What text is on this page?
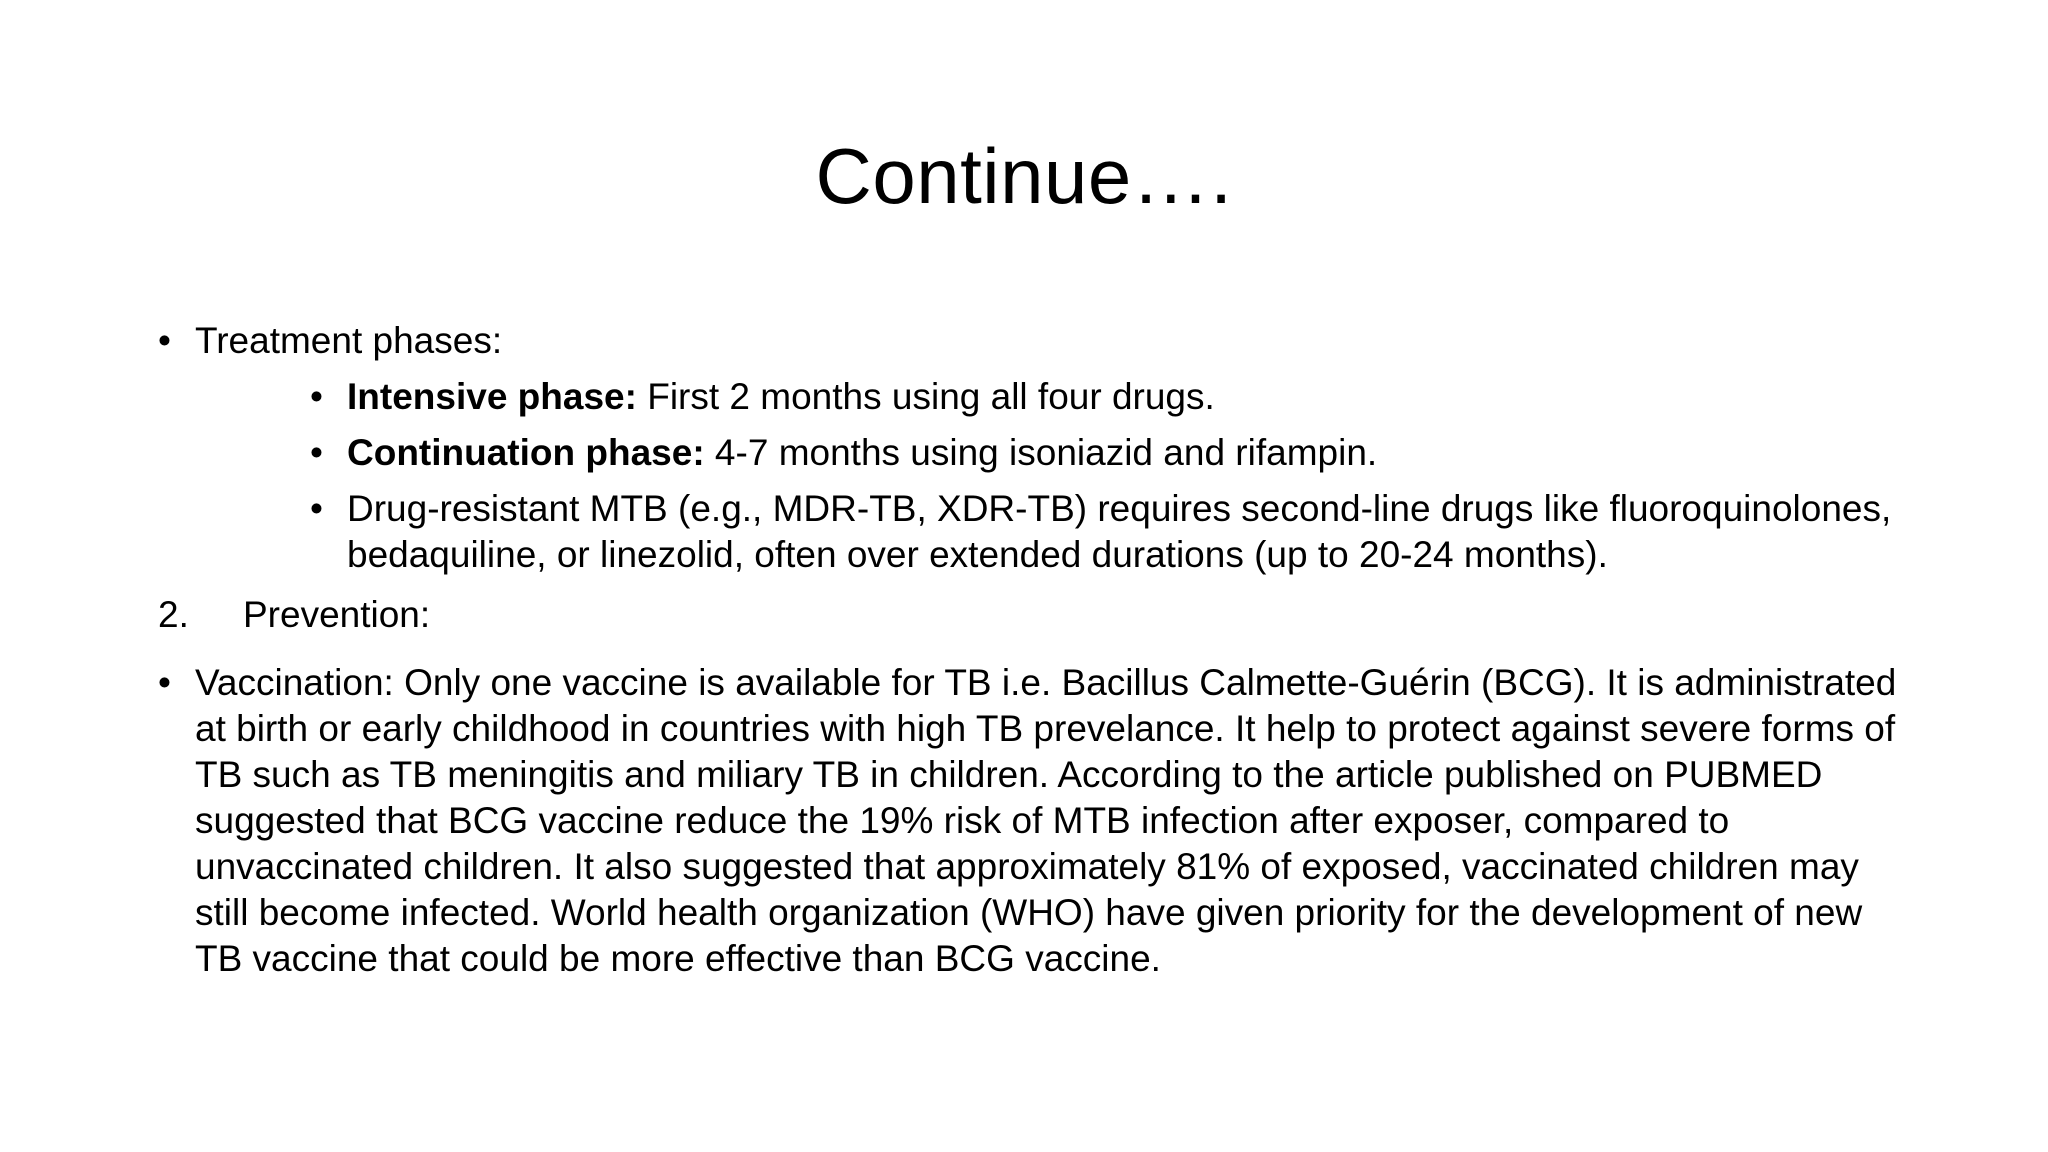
Continue….
• Treatment phases:
• Intensive phase: First 2 months using all four drugs.
• Continuation phase: 4-7 months using isoniazid and rifampin.
• Drug-resistant MTB (e.g., MDR-TB, XDR-TB) requires second-line drugs like fluoroquinolones, bedaquiline, or linezolid, often over extended durations (up to 20-24 months).
2. Prevention:
• Vaccination: Only one vaccine is available for TB i.e. Bacillus Calmette-Guérin (BCG). It is administrated at birth or early childhood in countries with high TB prevelance. It help to protect against severe forms of TB such as TB meningitis and miliary TB in children. According to the article published on PUBMED suggested that BCG vaccine reduce the 19% risk of MTB infection after exposer, compared to unvaccinated children. It also suggested that approximately 81% of exposed, vaccinated children may still become infected. World health organization (WHO) have given priority for the development of new TB vaccine that could be more effective than BCG vaccine.
